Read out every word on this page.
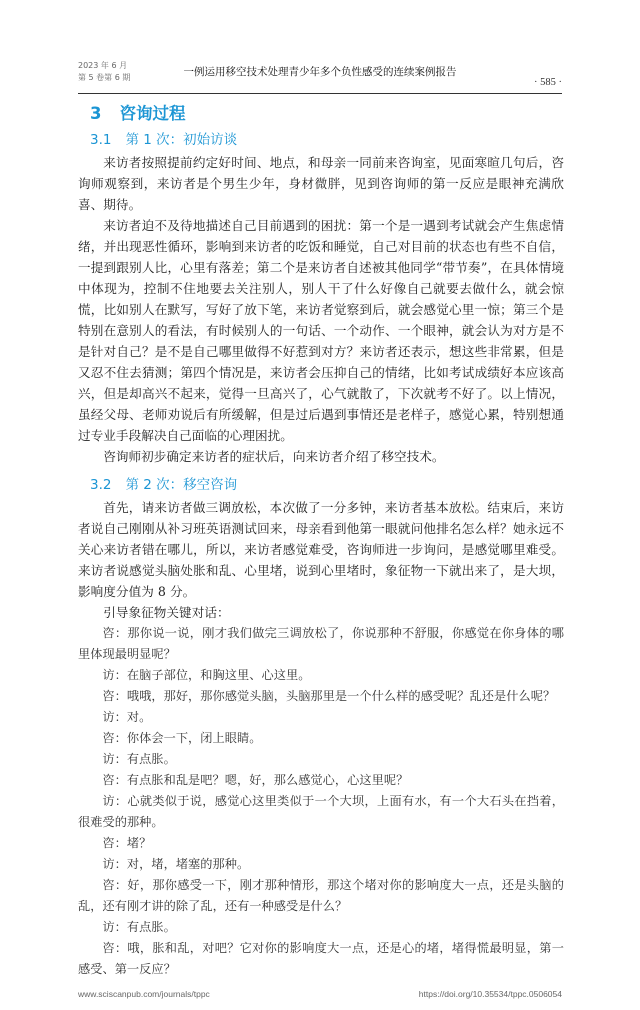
2023 年 6 月
第 5 卷第 6 期	一例运用移空技术处理青少年多个负性感受的连续案例报告
· 585 ·
3 咨询过程
3.1 第 1 次：初始访谈

来访者按照提前约定好时间、地点，和母亲一同前来咨询室，见面寒暄几句后，咨询师观察到，来访者是个男生少年，身材微胖，见到咨询师的第一反应是眼神充满欣喜、期待。

来访者迫不及待地描述自己目前遇到的困扰：第一个是一遇到考试就会产生焦虑情绪，并出现恶性循环，影响到来访者的吃饭和睡觉，自己对目前的状态也有些不自信，一提到跟别人比，心里有落差；第二个是来访者自述被其他同学“带节奏”，在具体情境中体现为，控制不住地要去关注别人，别人干了什么好像自己就要去做什么，就会惊慌，比如别人在默写，写好了放下笔，来访者觉察到后，就会感觉心里一惊；第三个是特别在意别人的看法，有时候别人的一句话、一个动作、一个眼神，就会认为对方是不是针对自己？是不是自己哪里做得不好惹到对方？来访者还表示，想这些非常累，但是又忍不住去猜测；第四个情况是，来访者会压抑自己的情绪，比如考试成绩好本应该高兴，但是却高兴不起来，觉得一旦高兴了，心气就散了，下次就考不好了。以上情况，虽经父母、老师劝说后有所缓解，但是过后遇到事情还是老样子，感觉心累，特别想通过专业手段解决自己面临的心理困扰。

咨询师初步确定来访者的症状后，向来访者介绍了移空技术。

3.2 第 2 次：移空咨询

首先，请来访者做三调放松，本次做了一分多钟，来访者基本放松。结束后，来访者说自己刚刚从补习班英语测试回来，母亲看到他第一眼就问他排名怎么样？她永远不关心来访者错在哪儿，所以，来访者感觉难受，咨询师进一步询问，是感觉哪里难受。来访者说感觉头脑处胀和乱、心里堵，说到心里堵时，象征物一下就出来了，是大坝，影响度分值为 8 分。

引导象征物关键对话：

咨：那你说一说，刚才我们做完三调放松了，你说那种不舒服，你感觉在你身体的哪里体现最明显呢？

访：在脑子部位，和胸这里、心这里。

咨：哦哦，那好，那你感觉头脑，头脑那里是一个什么样的感受呢？乱还是什么呢？

访：对。

咨：你体会一下，闭上眼睛。

访：有点胀。

咨：有点胀和乱是吧？嗯，好，那么感觉心，心这里呢？

访：心就类似于说，感觉心这里类似于一个大坝，上面有水，有一个大石头在挡着，很难受的那种。

咨：堵？

访：对，堵，堵塞的那种。

咨：好，那你感受一下，刚才那种情形，那这个堵对你的影响度大一点，还是头脑的乱，还有刚才讲的除了乱，还有一种感受是什么？

访：有点胀。

咨：哦，胀和乱，对吧？它对你的影响度大一点，还是心的堵，堵得慌最明显，第一感受、第一反应？

www.sciscanpub.com/journals/tppc	https://doi.org/10.35534/tppc.0506054
